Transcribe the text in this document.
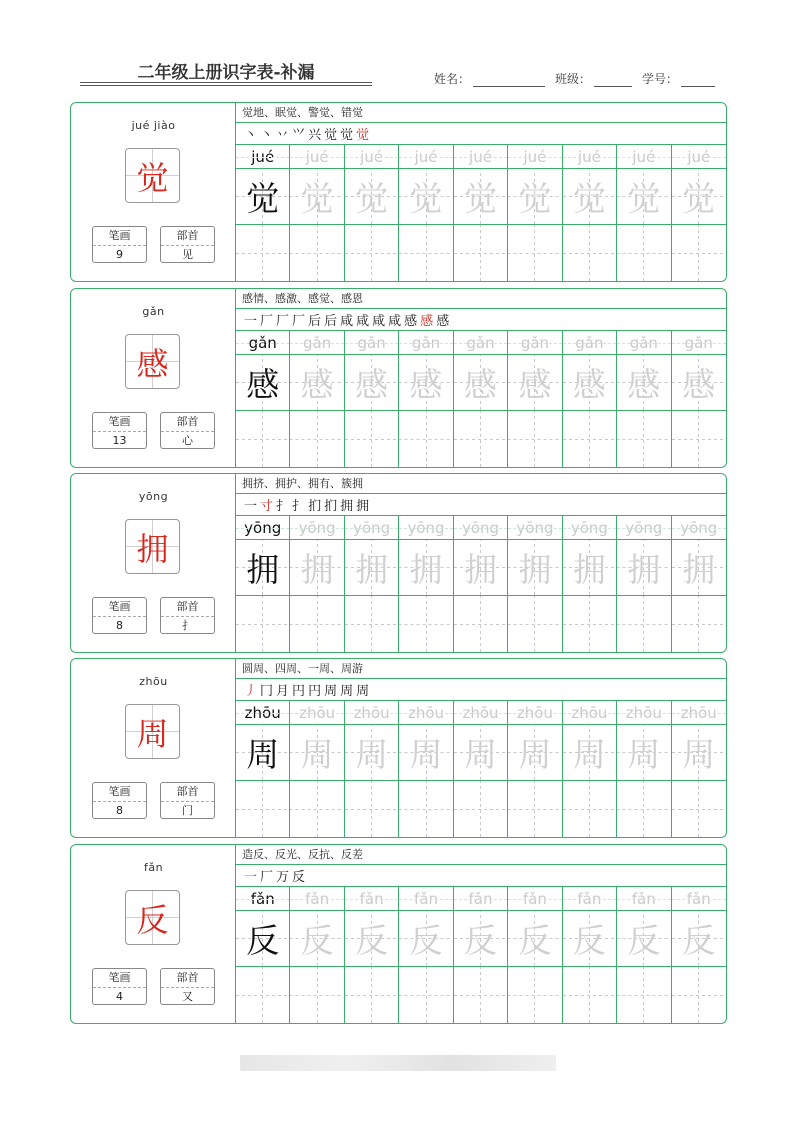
二年级上册识字表-补漏	姓名：	班级：	学号：
jué jiào
觉
笔画
9
部首
见
觉地、眠觉、警觉、错觉
丶 丶 丷 ⺍ 兴 觉 觉 觉
jué	jué	jué	jué	jué	jué	jué	jué	jué
觉 觉 觉 觉 觉 觉 觉 觉 觉
gǎn
感
笔画
13
部首
心
感情、感激、感觉、感恩
一 厂 厂 厂 后 后 咸 咸 咸 咸 感 感 感
gǎn	gǎn	gǎn	gǎn	gǎn	gǎn	gǎn	gǎn	gǎn
感 感 感 感 感 感 感 感 感
yōng
拥
笔画
8
部首
扌
拥挤、拥护、拥有、簇拥
一 寸 扌 扌 扪 扪 拥 拥
yōng	yōng	yōng	yōng	yōng	yōng	yōng	yōng	yōng
拥 拥 拥 拥 拥 拥 拥 拥 拥
zhōu
周
笔画
8
部首
门
圆周、四周、一周、周游
丿 冂 月 円 円 周 周 周
zhōu	zhōu	zhōu	zhōu	zhōu	zhōu	zhōu	zhōu	zhōu
周 周 周 周 周 周 周 周 周
fǎn
反
笔画
4
部首
又
造反、反光、反抗、反差
一 厂 万 反
fǎn	fǎn	fǎn	fǎn	fǎn	fǎn	fǎn	fǎn	fǎn
反 反 反 反 反 反 反 反 反
